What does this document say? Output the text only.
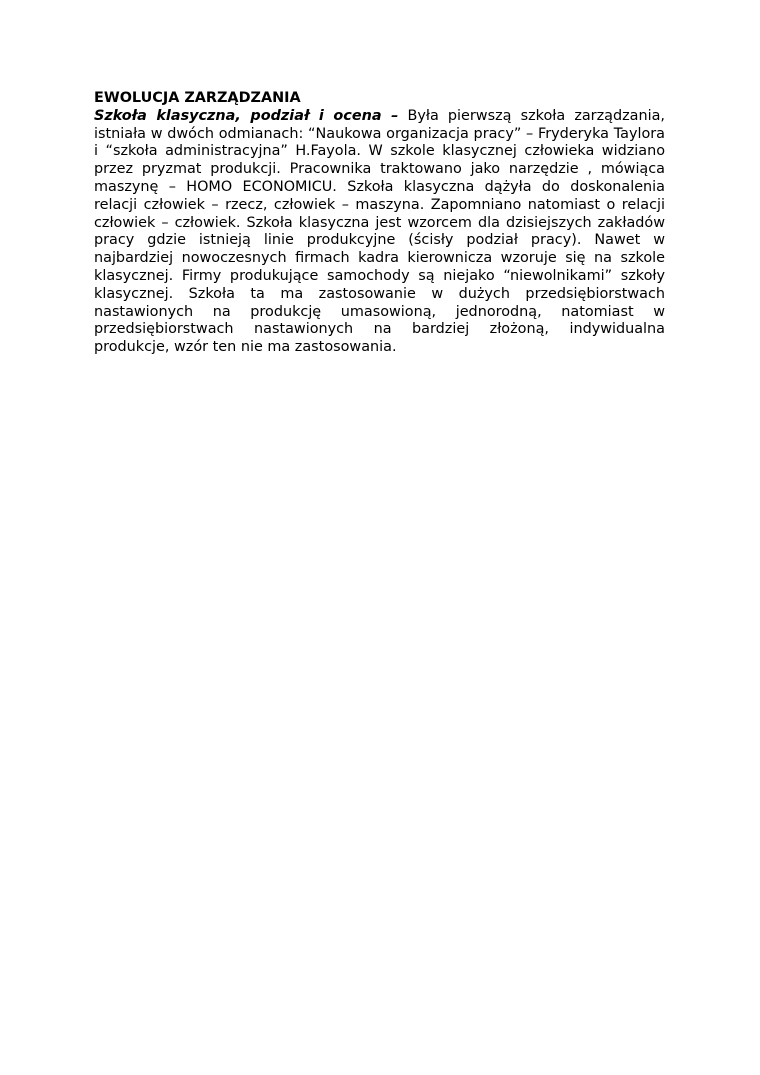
EWOLUCJA ZARZĄDZANIA

Szkoła klasyczna, podział i ocena – Była pierwszą szkoła zarządzania, istniała w dwóch odmianach: “Naukowa organizacja pracy” – Fryderyka Taylora i “szkoła administracyjna” H.Fayola. W szkole klasycznej człowieka widziano przez pryzmat produkcji. Pracownika traktowano jako narzędzie , mówiąca maszynę – HOMO ECONOMICU. Szkoła klasyczna dążyła do doskonalenia relacji człowiek – rzecz, człowiek – maszyna. Zapomniano natomiast o relacji człowiek – człowiek. Szkoła klasyczna jest wzorcem dla dzisiejszych zakładów pracy gdzie istnieją linie produkcyjne (ścisły podział pracy). Nawet w najbardziej nowoczesnych firmach kadra kierownicza wzoruje się na szkole klasycznej. Firmy produkujące samochody są niejako “niewolnikami” szkoły klasycznej. Szkoła ta ma zastosowanie w dużych przedsiębiorstwach nastawionych na produkcję umasowioną, jednorodną, natomiast w przedsiębiorstwach nastawionych na bardziej złożoną, indywidualna produkcje, wzór ten nie ma zastosowania.
